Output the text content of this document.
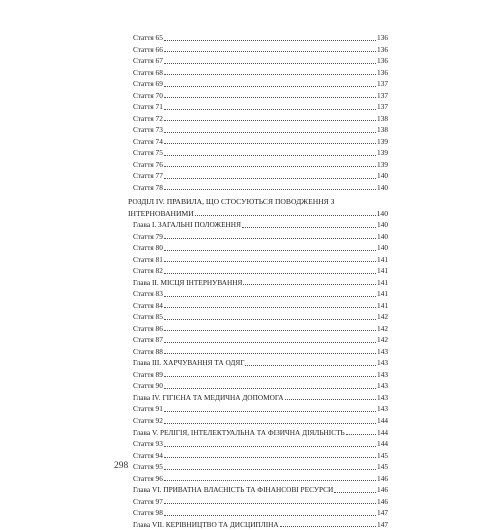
Стаття 65	136
Стаття 66	136
Стаття 67	136
Стаття 68	136
Стаття 69	137
Стаття 70	137
Стаття 71	137
Стаття 72	138
Стаття 73	138
Стаття 74	139
Стаття 75	139
Стаття 76	139
Стаття 77	140
Стаття 78	140
РОЗДІЛ IV. ПРАВИЛА, ЩО СТОСУЮТЬСЯ ПОВОДЖЕННЯ З
ІНТЕРНОВАНИМИ	140
Глава I. ЗАГАЛЬНІ ПОЛОЖЕННЯ	140
Стаття 79	140
Стаття 80	140
Стаття 81	141
Стаття 82	141
Глава II. МІСЦЯ ІНТЕРНУВАННЯ	141
Стаття 83	141
Стаття 84	141
Стаття 85	142
Стаття 86	142
Стаття 87	142
Стаття 88	143
Глава III. ХАРЧУВАННЯ ТА ОДЯГ	143
Стаття 89	143
Стаття 90	143
Глава IV. ГІГІЄНА ТА МЕДИЧНА ДОПОМОГА	143
Стаття 91	143
Стаття 92	144
Глава V. РЕЛІГІЯ, ІНТЕЛЕКТУАЛЬНА ТА ФІЗИЧНА ДІЯЛЬНІСТЬ	144
Стаття 93	144
Стаття 94	145
Стаття 95	145
Стаття 96	146
Глава VI. ПРИВАТНА ВЛАСНІСТЬ ТА ФІНАНСОВІ РЕСУРСИ	146
Стаття 97	146
Стаття 98	147
Глава VII. КЕРІВНИЦТВО ТА ДИСЦИПЛІНА	147
298
